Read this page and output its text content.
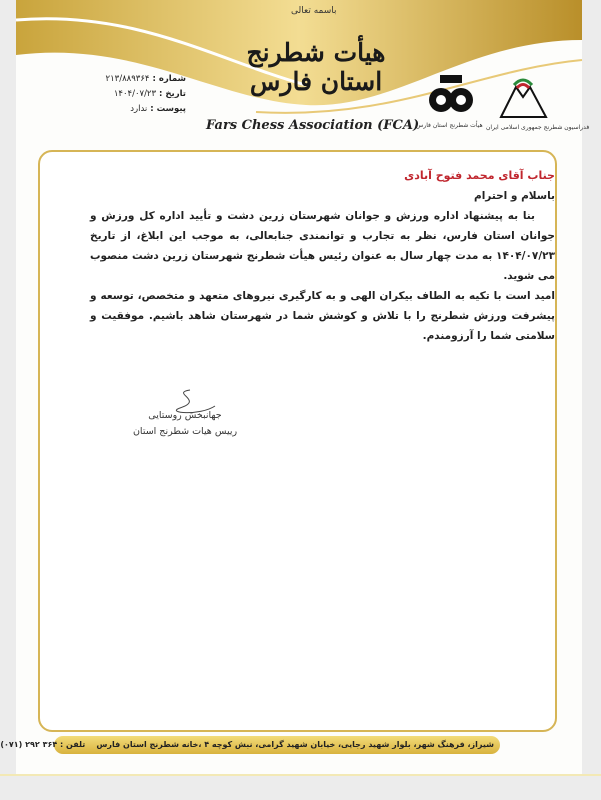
باسمه تعالی
هیأت شطرنج استان فارس
شماره : ۲۱۳/۸۸۹۳۶۴
تاریخ : ۱۴۰۴/۰۷/۲۳
پیوست : ندارد
Fars Chess Association (FCA)
هیأت شطرنج استان فارس فدراسیون شطرنج جمهوری اسلامی ایران
جناب آقای محمد فتوح آبادی
باسلام و احترام
بنا به پیشنهاد اداره ورزش و جوانان شهرستان زرین دشت و تأیید اداره کل ورزش و جوانان استان فارس، نظر به تجارب و توانمندی جنابعالی، به موجب این ابلاغ، از تاریخ ۱۴۰۴/۰۷/۲۳ به مدت چهار سال به عنوان رئیس هیأت شطرنج شهرستان زرین دشت منصوب می شوید.
امید است با تکیه به الطاف بیکران الهی و به کارگیری نیروهای متعهد و متخصص، توسعه و پیشرفت ورزش شطرنج را با تلاش و کوشش شما در شهرستان شاهد باشیم. موفقیت و سلامتی شما را آرزومندم.
جهانبخش روستایی
رییس هیات شطرنج استان
شیراز، فرهنگ شهر، بلوار شهید رجایی، خیابان شهید گرامی، نبش کوچه ۴ ،خانه شطرنج استان فارس    تلفن : ۳۶۴ ۲۹۲ (۰۷۱)
